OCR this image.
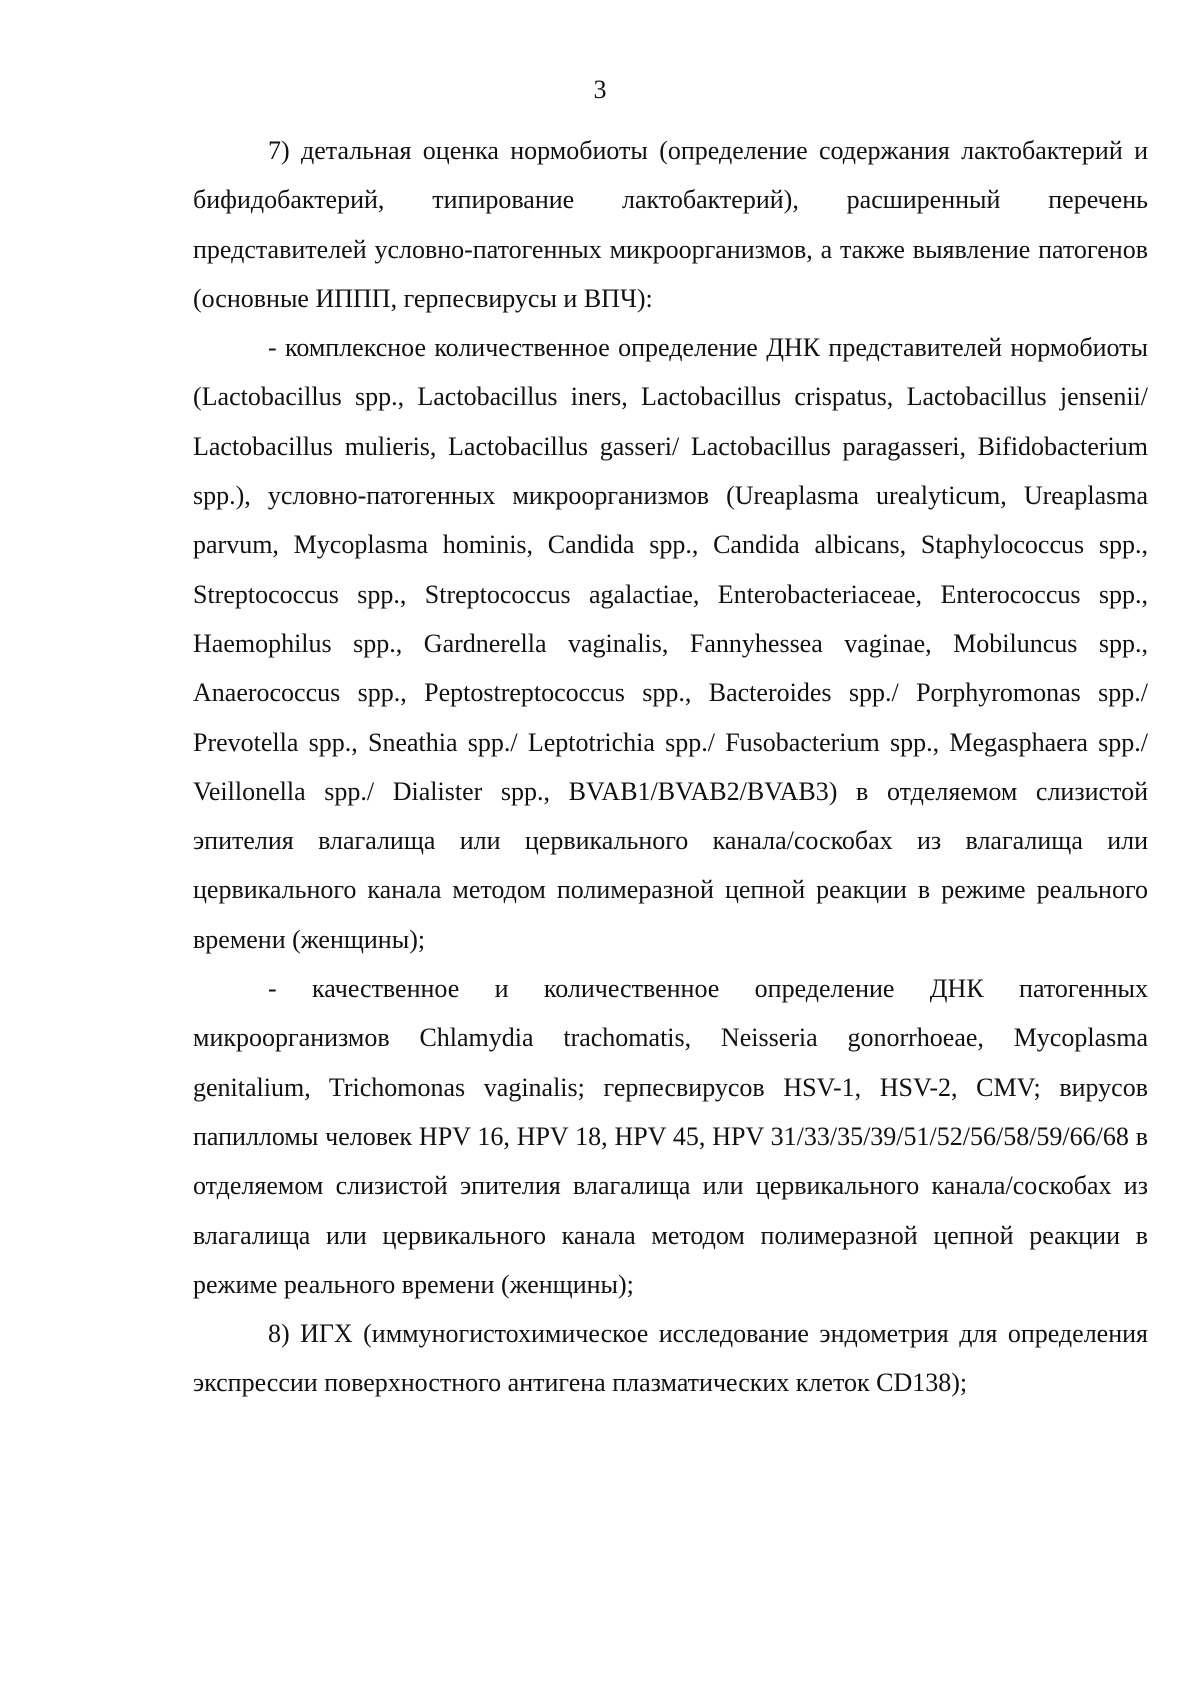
3

7) детальная оценка нормобиоты (определение содержания лактобактерий и бифидобактерий, типирование лактобактерий), расширенный перечень представителей условно-патогенных микроорганизмов, а также выявление патогенов (основные ИППП, герпесвирусы и ВПЧ):

- комплексное количественное определение ДНК представителей нормобиоты (Lactobacillus spp., Lactobacillus iners, Lactobacillus crispatus, Lactobacillus jensenii/ Lactobacillus mulieris, Lactobacillus gasseri/ Lactobacillus paragasseri, Bifidobacterium spp.), условно-патогенных микроорганизмов (Ureaplasma urealyticum, Ureaplasma parvum, Mycoplasma hominis, Candida spp., Candida albicans, Staphylococcus spp., Streptococcus spp., Streptococcus agalactiae, Enterobacteriaceae, Enterococcus spp., Haemophilus spp., Gardnerella vaginalis, Fannyhessea vaginae, Mobiluncus spp., Anaerococcus spp., Peptostreptococcus spp., Bacteroides spp./ Porphyromonas spp./ Prevotella spp., Sneathia spp./ Leptotrichia spp./ Fusobacterium spp., Megasphaera spp./ Veillonella spp./ Dialister spp., BVAB1/BVAB2/BVAB3) в отделяемом слизистой эпителия влагалища или цервикального канала/соскобах из влагалища или цервикального канала методом полимеразной цепной реакции в режиме реального времени (женщины);

- качественное и количественное определение ДНК патогенных микроорганизмов Chlamydia trachomatis, Neisseria gonorrhoeae, Mycoplasma genitalium, Trichomonas vaginalis; герпесвирусов HSV-1, HSV-2, CMV; вирусов папилломы человек HPV 16, HPV 18, HPV 45, HPV 31/33/35/39/51/52/56/58/59/66/68 в отделяемом слизистой эпителия влагалища или цервикального канала/соскобах из влагалища или цервикального канала методом полимеразной цепной реакции в режиме реального времени (женщины);

8) ИГХ (иммуногистохимическое исследование эндометрия для определения экспрессии поверхностного антигена плазматических клеток CD138);
